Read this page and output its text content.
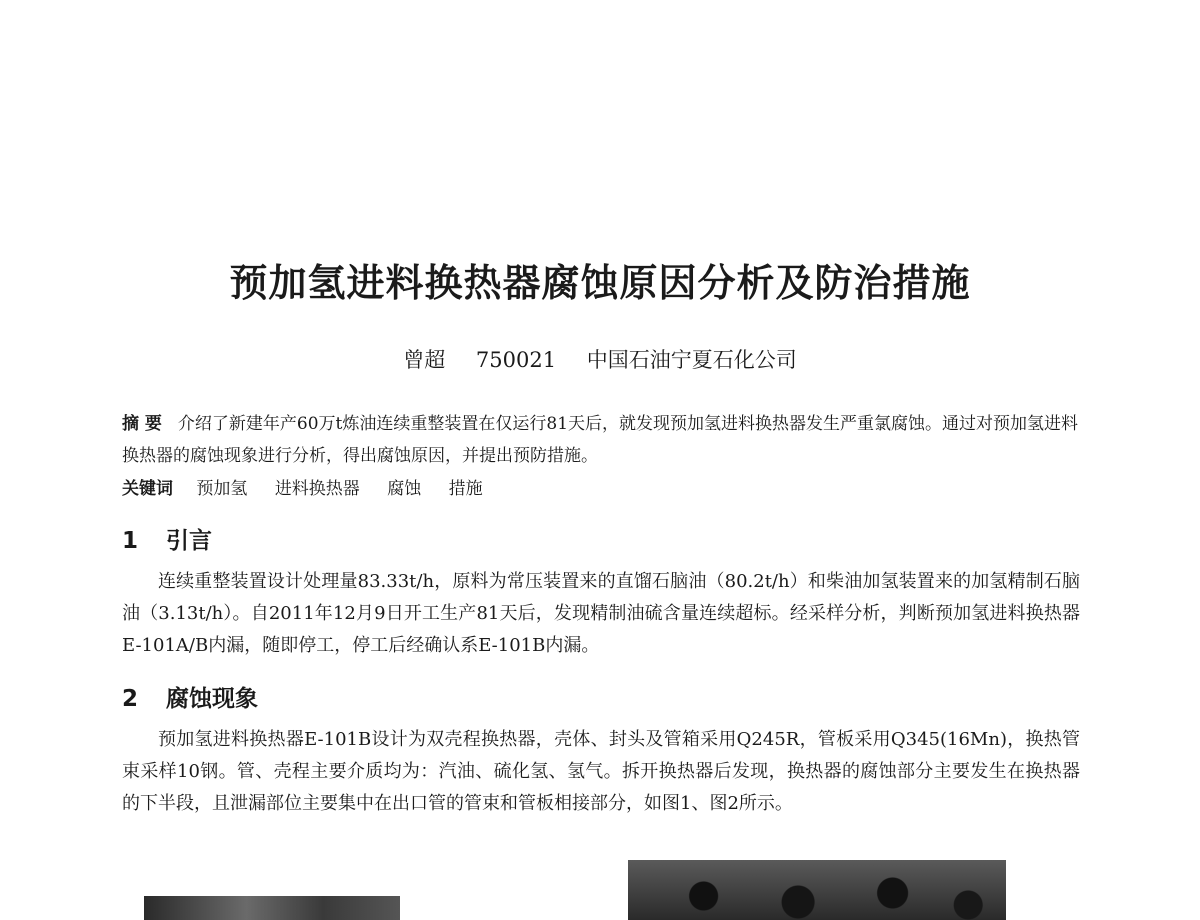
预加氢进料换热器腐蚀原因分析及防治措施
曾超 750021 中国石油宁夏石化公司
摘 要 介绍了新建年产60万t炼油连续重整装置在仅运行81天后，就发现预加氢进料换热器发生严重氯腐蚀。通过对预加氢进料换热器的腐蚀现象进行分析，得出腐蚀原因，并提出预防措施。
关键词 预加氢 进料换热器 腐蚀 措施
1 引言
连续重整装置设计处理量83.33t/h，原料为常压装置来的直馏石脑油（80.2t/h）和柴油加氢装置来的加氢精制石脑油（3.13t/h）。自2011年12月9日开工生产81天后，发现精制油硫含量连续超标。经采样分析，判断预加氢进料换热器E-101A/B内漏，随即停工，停工后经确认系E-101B内漏。
2 腐蚀现象
预加氢进料换热器E-101B设计为双壳程换热器，壳体、封头及管箱采用Q245R，管板采用Q345(16Mn)，换热管束采样10钢。管、壳程主要介质均为：汽油、硫化氢、氢气。拆开换热器后发现，换热器的腐蚀部分主要发生在换热器的下半段，且泄漏部位主要集中在出口管的管束和管板相接部分，如图1、图2所示。
